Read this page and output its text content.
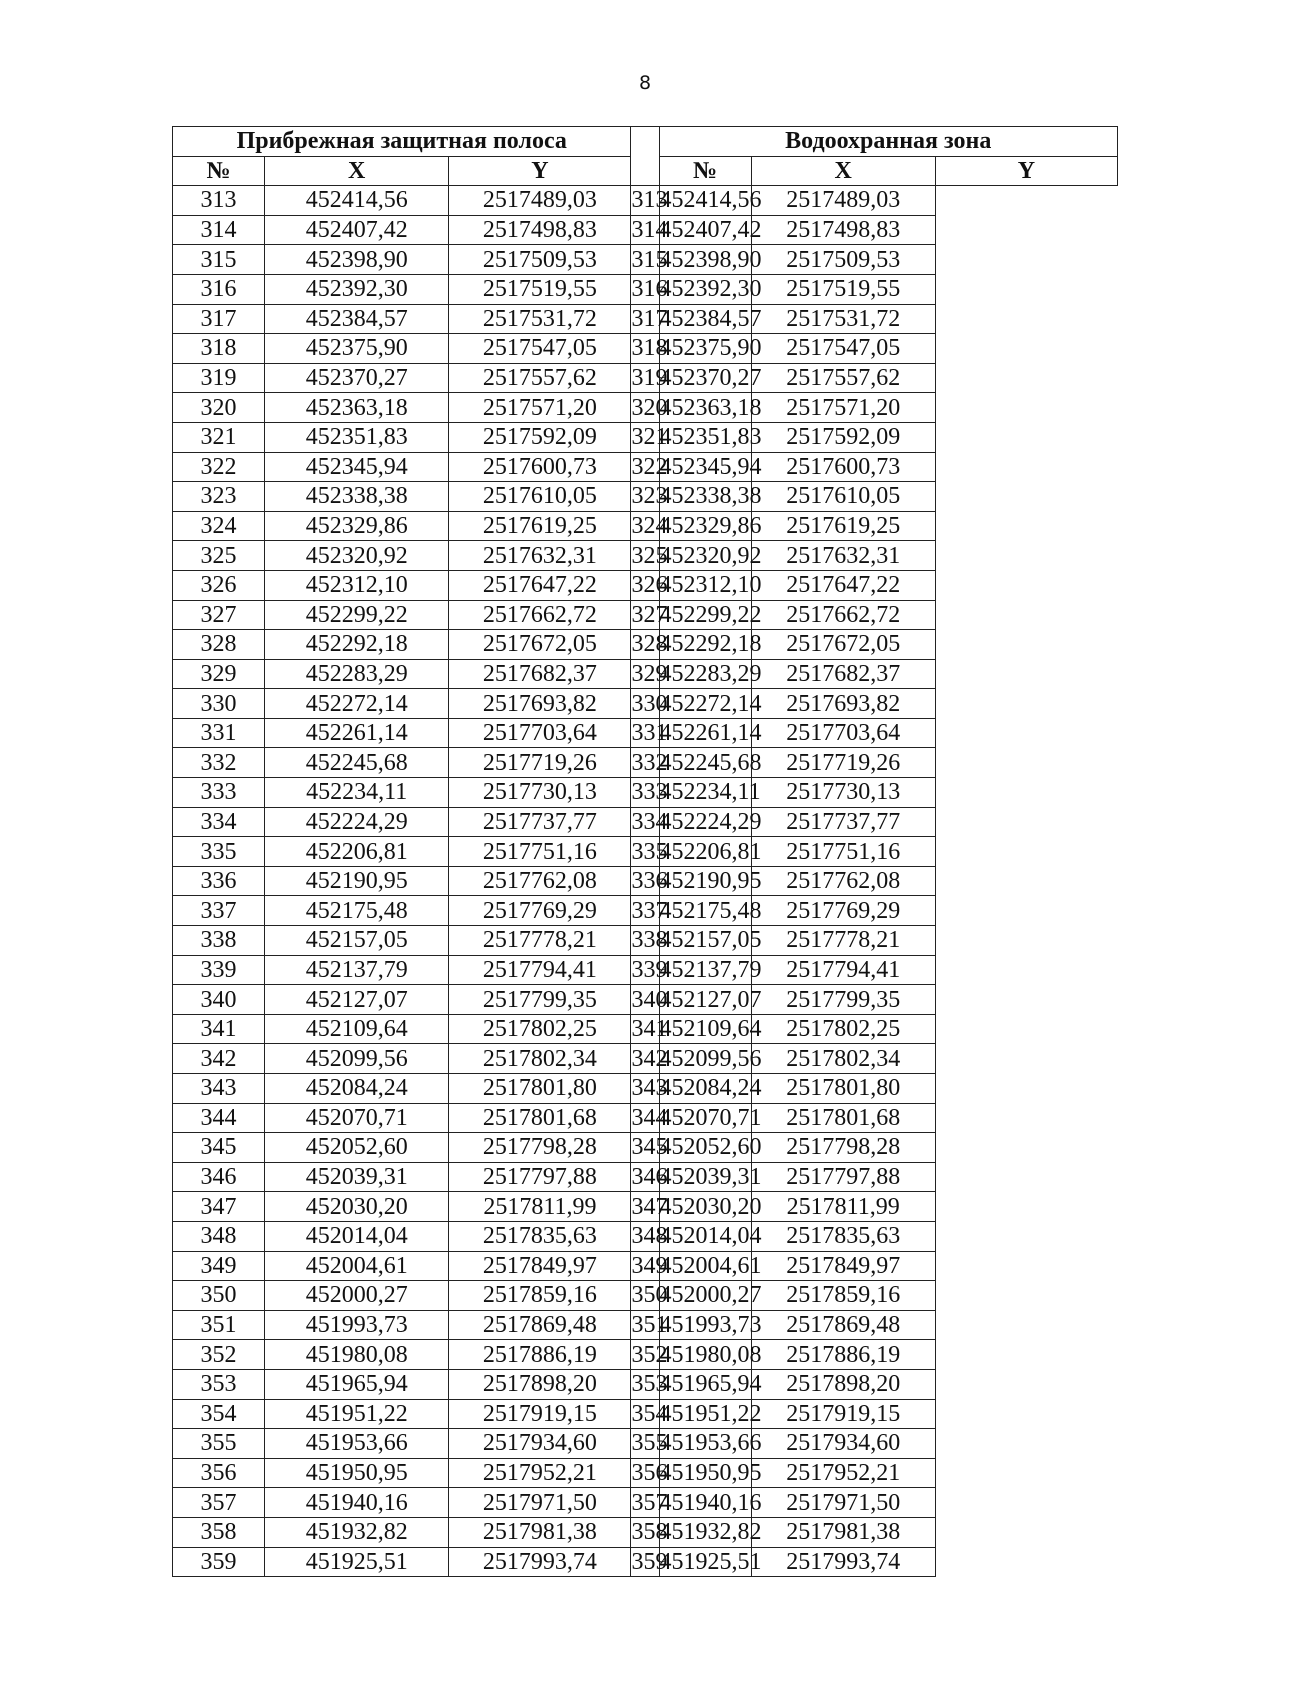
8
Прибрежная защитная полоса				Водоохранная зона		
№	X	Y		№	X	Y
313	452414,56	2517489,03	313	452414,56	2517489,03	
314	452407,42	2517498,83	314	452407,42	2517498,83	
315	452398,90	2517509,53	315	452398,90	2517509,53	
316	452392,30	2517519,55	316	452392,30	2517519,55	
317	452384,57	2517531,72	317	452384,57	2517531,72	
318	452375,90	2517547,05	318	452375,90	2517547,05	
319	452370,27	2517557,62	319	452370,27	2517557,62	
320	452363,18	2517571,20	320	452363,18	2517571,20	
321	452351,83	2517592,09	321	452351,83	2517592,09	
322	452345,94	2517600,73	322	452345,94	2517600,73	
323	452338,38	2517610,05	323	452338,38	2517610,05	
324	452329,86	2517619,25	324	452329,86	2517619,25	
325	452320,92	2517632,31	325	452320,92	2517632,31	
326	452312,10	2517647,22	326	452312,10	2517647,22	
327	452299,22	2517662,72	327	452299,22	2517662,72	
328	452292,18	2517672,05	328	452292,18	2517672,05	
329	452283,29	2517682,37	329	452283,29	2517682,37	
330	452272,14	2517693,82	330	452272,14	2517693,82	
331	452261,14	2517703,64	331	452261,14	2517703,64	
332	452245,68	2517719,26	332	452245,68	2517719,26	
333	452234,11	2517730,13	333	452234,11	2517730,13	
334	452224,29	2517737,77	334	452224,29	2517737,77	
335	452206,81	2517751,16	335	452206,81	2517751,16	
336	452190,95	2517762,08	336	452190,95	2517762,08	
337	452175,48	2517769,29	337	452175,48	2517769,29	
338	452157,05	2517778,21	338	452157,05	2517778,21	
339	452137,79	2517794,41	339	452137,79	2517794,41	
340	452127,07	2517799,35	340	452127,07	2517799,35	
341	452109,64	2517802,25	341	452109,64	2517802,25	
342	452099,56	2517802,34	342	452099,56	2517802,34	
343	452084,24	2517801,80	343	452084,24	2517801,80	
344	452070,71	2517801,68	344	452070,71	2517801,68	
345	452052,60	2517798,28	345	452052,60	2517798,28	
346	452039,31	2517797,88	346	452039,31	2517797,88	
347	452030,20	2517811,99	347	452030,20	2517811,99	
348	452014,04	2517835,63	348	452014,04	2517835,63	
349	452004,61	2517849,97	349	452004,61	2517849,97	
350	452000,27	2517859,16	350	452000,27	2517859,16	
351	451993,73	2517869,48	351	451993,73	2517869,48	
352	451980,08	2517886,19	352	451980,08	2517886,19	
353	451965,94	2517898,20	353	451965,94	2517898,20	
354	451951,22	2517919,15	354	451951,22	2517919,15	
355	451953,66	2517934,60	355	451953,66	2517934,60	
356	451950,95	2517952,21	356	451950,95	2517952,21	
357	451940,16	2517971,50	357	451940,16	2517971,50	
358	451932,82	2517981,38	358	451932,82	2517981,38	
359	451925,51	2517993,74	359	451925,51	2517993,74	
